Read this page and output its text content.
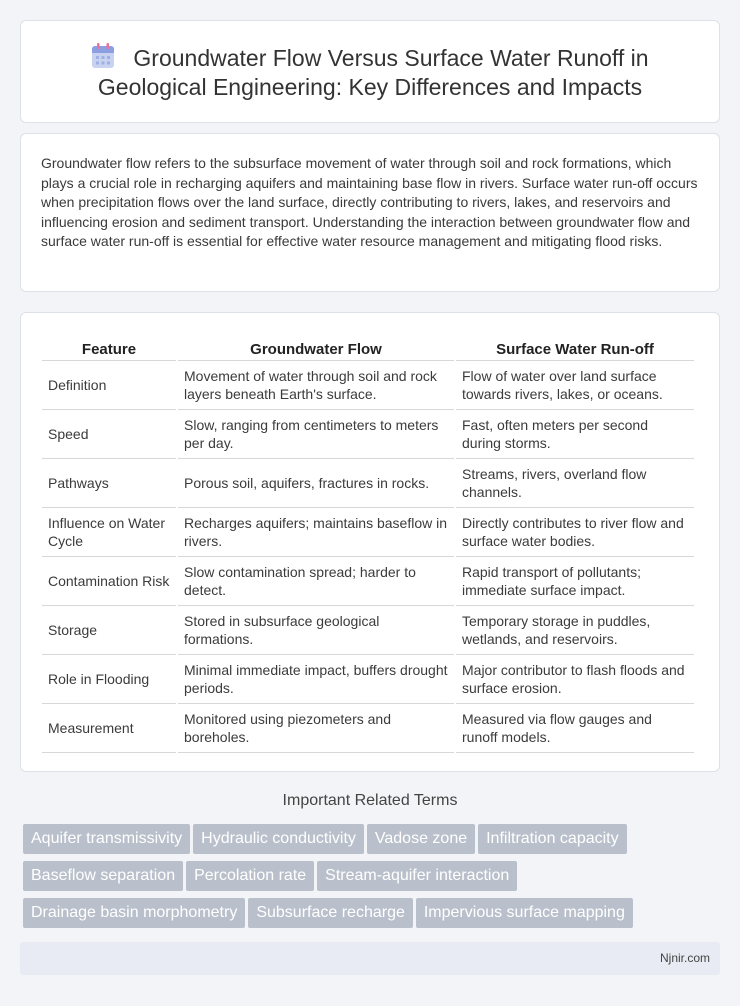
Groundwater Flow Versus Surface Water Runoff in Geological Engineering: Key Differences and Impacts

Groundwater flow refers to the subsurface movement of water through soil and rock formations, which plays a crucial role in recharging aquifers and maintaining base flow in rivers. Surface water run-off occurs when precipitation flows over the land surface, directly contributing to rivers, lakes, and reservoirs and influencing erosion and sediment transport. Understanding the interaction between groundwater flow and surface water run-off is essential for effective water resource management and mitigating flood risks.

Feature	Groundwater Flow	Surface Water Run-off
Definition	Movement of water through soil and rock layers beneath Earth's surface.	Flow of water over land surface towards rivers, lakes, or oceans.
Speed	Slow, ranging from centimeters to meters per day.	Fast, often meters per second during storms.
Pathways	Porous soil, aquifers, fractures in rocks.	Streams, rivers, overland flow channels.
Influence on Water Cycle	Recharges aquifers; maintains baseflow in rivers.	Directly contributes to river flow and surface water bodies.
Contamination Risk	Slow contamination spread; harder to detect.	Rapid transport of pollutants; immediate surface impact.
Storage	Stored in subsurface geological formations.	Temporary storage in puddles, wetlands, and reservoirs.
Role in Flooding	Minimal immediate impact, buffers drought periods.	Major contributor to flash floods and surface erosion.
Measurement	Monitored using piezometers and boreholes.	Measured via flow gauges and runoff models.
Important Related Terms
Aquifer transmissivity Hydraulic conductivity Vadose zone Infiltration capacity
Baseflow separation Percolation rate Stream-aquifer interaction
Drainage basin morphometry Subsurface recharge Impervious surface mapping
Njnir.com
